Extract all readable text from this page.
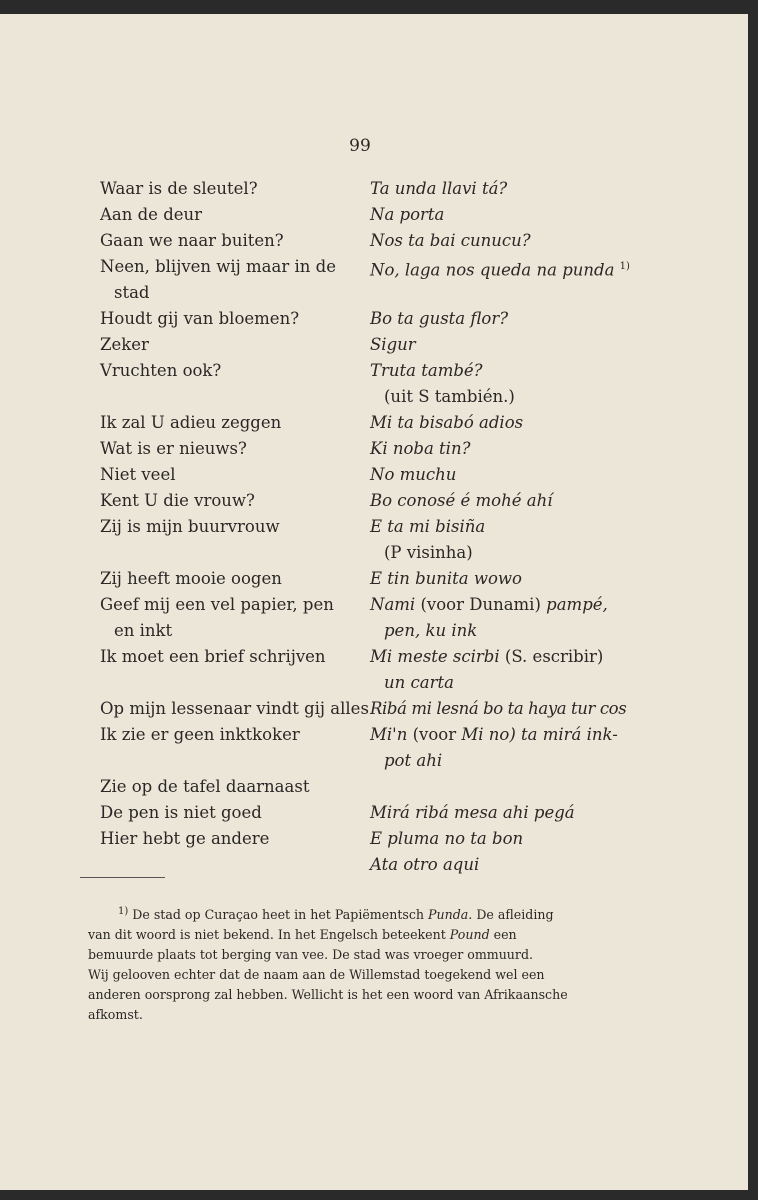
99
Waar is de sleutel?
Aan de deur
Gaan we naar buiten?
Neen, blijven wij maar in de
stad
Houdt gij van bloemen?
Zeker
Vruchten ook?
Ik zal U adieu zeggen
Wat is er nieuws?
Niet veel
Kent U die vrouw?
Zij is mijn buurvrouw
Zij heeft mooie oogen
Geef mij een vel papier, pen
en inkt
Ik moet een brief schrijven
Op mijn lessenaar vindt gij alles
Ik zie er geen inktkoker
Zie op de tafel daarnaast
De pen is niet goed
Hier hebt ge andere
Ta unda llavi tá?
Na porta
Nos ta bai cunucu?
No, laga nos queda na punda $^{1)}$
Bo ta gusta flor?
Sigur
Truta també?
(uit S también.)
Mi ta bisabó adios
Ki noba tin?
No muchu
Bo conosé é mohé ahí
E ta mi bisiña
(P visinha)
E tin bunita wowo
Nami (voor Dunami) pampé,
pen, ku ink
Mi meste scirbi (S. escribir)
un carta
Ribá mi lesná bo ta haya tur cos
Mi'n (voor Mi no) ta mirá ink-
pot ahi
Mirá ribá mesa ahi pegá
E pluma no ta bon
Ata otro aqui
$^{1)}$ De stad op Curaçao heet in het Papiëmentsch Punda. De afleiding
van dit woord is niet bekend. In het Engelsch beteekent Pound een
bemuurde plaats tot berging van vee. De stad was vroeger ommuurd.
Wij gelooven echter dat de naam aan de Willemstad toegekend wel een
anderen oorsprong zal hebben. Wellicht is het een woord van Afrikaansche
afkomst.
